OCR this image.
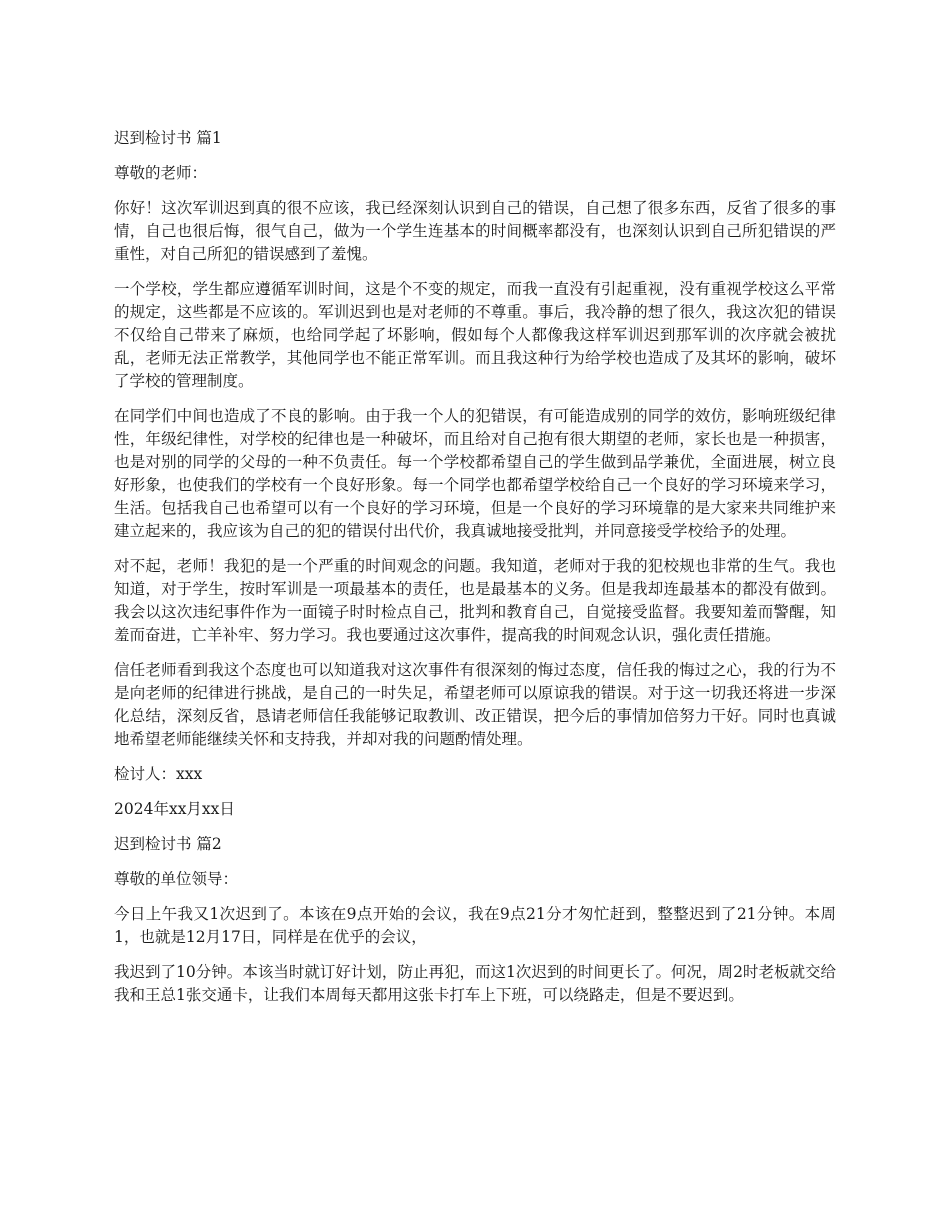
迟到检讨书 篇1

尊敬的老师：

你好！这次军训迟到真的很不应该，我已经深刻认识到自己的错误，自己想了很多东西，反省了很多的事情，自己也很后悔，很气自己，做为一个学生连基本的时间概率都没有，也深刻认识到自己所犯错误的严重性，对自己所犯的错误感到了羞愧。

一个学校，学生都应遵循军训时间，这是个不变的规定，而我一直没有引起重视，没有重视学校这么平常的规定，这些都是不应该的。军训迟到也是对老师的不尊重。事后，我冷静的想了很久，我这次犯的错误不仅给自己带来了麻烦，也给同学起了坏影响，假如每个人都像我这样军训迟到那军训的次序就会被扰乱，老师无法正常教学，其他同学也不能正常军训。而且我这种行为给学校也造成了及其坏的影响，破坏了学校的管理制度。

在同学们中间也造成了不良的影响。由于我一个人的犯错误，有可能造成别的同学的效仿，影响班级纪律性，年级纪律性，对学校的纪律也是一种破坏，而且给对自己抱有很大期望的老师，家长也是一种损害，也是对别的同学的父母的一种不负责任。每一个学校都希望自己的学生做到品学兼优，全面进展，树立良好形象，也使我们的学校有一个良好形象。每一个同学也都希望学校给自己一个良好的学习环境来学习，生活。包括我自己也希望可以有一个良好的学习环境，但是一个良好的学习环境靠的是大家来共同维护来建立起来的，我应该为自己的犯的错误付出代价，我真诚地接受批判，并同意接受学校给予的处理。

对不起，老师！我犯的是一个严重的时间观念的问题。我知道，老师对于我的犯校规也非常的生气。我也知道，对于学生，按时军训是一项最基本的责任，也是最基本的义务。但是我却连最基本的都没有做到。我会以这次违纪事件作为一面镜子时时检点自己，批判和教育自己，自觉接受监督。我要知羞而警醒，知羞而奋进，亡羊补牢、努力学习。我也要通过这次事件，提高我的时间观念认识，强化责任措施。

信任老师看到我这个态度也可以知道我对这次事件有很深刻的悔过态度，信任我的悔过之心，我的行为不是向老师的纪律进行挑战，是自己的一时失足，希望老师可以原谅我的错误。对于这一切我还将进一步深化总结，深刻反省，恳请老师信任我能够记取教训、改正错误，把今后的事情加倍努力干好。同时也真诚地希望老师能继续关怀和支持我，并却对我的问题酌情处理。

检讨人：xxx

2024年xx月xx日

迟到检讨书 篇2

尊敬的单位领导：

今日上午我又1次迟到了。本该在9点开始的会议，我在9点21分才匆忙赶到，整整迟到了21分钟。本周1，也就是12月17日，同样是在优乎的会议，

我迟到了10分钟。本该当时就订好计划，防止再犯，而这1次迟到的时间更长了。何况，周2时老板就交给我和王总1张交通卡，让我们本周每天都用这张卡打车上下班，可以绕路走，但是不要迟到。
